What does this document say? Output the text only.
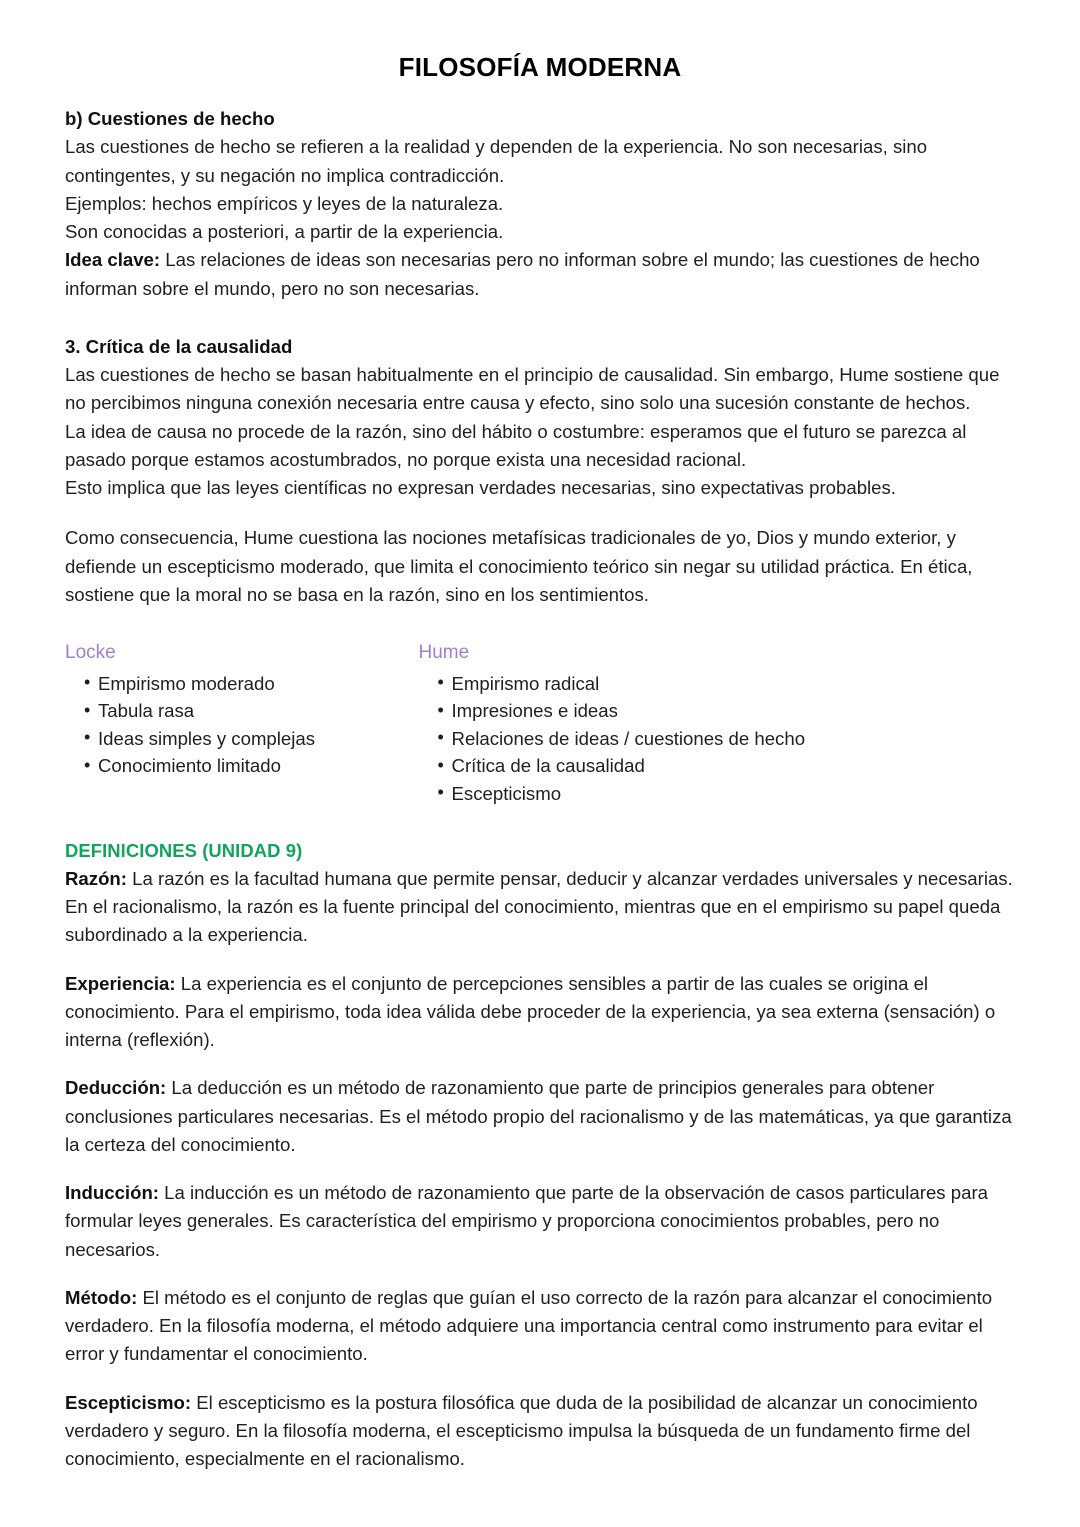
FILOSOFÍA MODERNA

b) Cuestiones de hecho

Las cuestiones de hecho se refieren a la realidad y dependen de la experiencia. No son necesarias, sino contingentes, y su negación no implica contradicción.

Ejemplos: hechos empíricos y leyes de la naturaleza.

Son conocidas a posteriori, a partir de la experiencia.

Idea clave: Las relaciones de ideas son necesarias pero no informan sobre el mundo; las cuestiones de hecho informan sobre el mundo, pero no son necesarias.

3. Crítica de la causalidad

Las cuestiones de hecho se basan habitualmente en el principio de causalidad. Sin embargo, Hume sostiene que no percibimos ninguna conexión necesaria entre causa y efecto, sino solo una sucesión constante de hechos.

La idea de causa no procede de la razón, sino del hábito o costumbre: esperamos que el futuro se parezca al pasado porque estamos acostumbrados, no porque exista una necesidad racional.

Esto implica que las leyes científicas no expresan verdades necesarias, sino expectativas probables.

Como consecuencia, Hume cuestiona las nociones metafísicas tradicionales de yo, Dios y mundo exterior, y defiende un escepticismo moderado, que limita el conocimiento teórico sin negar su utilidad práctica. En ética, sostiene que la moral no se basa en la razón, sino en los sentimientos.

Locke

• Empirismo moderado
• Tabula rasa
• Ideas simples y complejas
• Conocimiento limitado

Hume

• Empirismo radical
• Impresiones e ideas
• Relaciones de ideas / cuestiones de hecho
• Crítica de la causalidad
• Escepticismo

DEFINICIONES (UNIDAD 9)

Razón: La razón es la facultad humana que permite pensar, deducir y alcanzar verdades universales y necesarias. En el racionalismo, la razón es la fuente principal del conocimiento, mientras que en el empirismo su papel queda subordinado a la experiencia.

Experiencia: La experiencia es el conjunto de percepciones sensibles a partir de las cuales se origina el conocimiento. Para el empirismo, toda idea válida debe proceder de la experiencia, ya sea externa (sensación) o interna (reflexión).

Deducción: La deducción es un método de razonamiento que parte de principios generales para obtener conclusiones particulares necesarias. Es el método propio del racionalismo y de las matemáticas, ya que garantiza la certeza del conocimiento.

Inducción: La inducción es un método de razonamiento que parte de la observación de casos particulares para formular leyes generales. Es característica del empirismo y proporciona conocimientos probables, pero no necesarios.

Método: El método es el conjunto de reglas que guían el uso correcto de la razón para alcanzar el conocimiento verdadero. En la filosofía moderna, el método adquiere una importancia central como instrumento para evitar el error y fundamentar el conocimiento.

Escepticismo: El escepticismo es la postura filosófica que duda de la posibilidad de alcanzar un conocimiento verdadero y seguro. En la filosofía moderna, el escepticismo impulsa la búsqueda de un fundamento firme del conocimiento, especialmente en el racionalismo.
